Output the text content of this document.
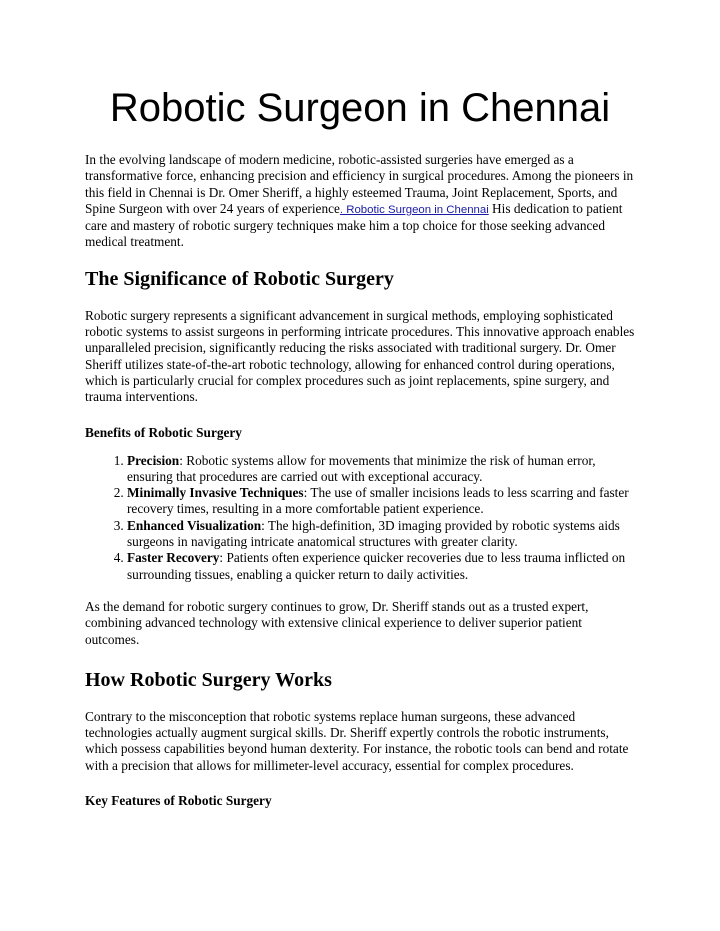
Robotic Surgeon in Chennai

In the evolving landscape of modern medicine, robotic-assisted surgeries have emerged as a transformative force, enhancing precision and efficiency in surgical procedures. Among the pioneers in this field in Chennai is Dr. Omer Sheriff, a highly esteemed Trauma, Joint Replacement, Sports, and Spine Surgeon with over 24 years of experience. Robotic Surgeon in Chennai His dedication to patient care and mastery of robotic surgery techniques make him a top choice for those seeking advanced medical treatment.

The Significance of Robotic Surgery

Robotic surgery represents a significant advancement in surgical methods, employing sophisticated robotic systems to assist surgeons in performing intricate procedures. This innovative approach enables unparalleled precision, significantly reducing the risks associated with traditional surgery. Dr. Omer Sheriff utilizes state-of-the-art robotic technology, allowing for enhanced control during operations, which is particularly crucial for complex procedures such as joint replacements, spine surgery, and trauma interventions.

Benefits of Robotic Surgery
1. Precision: Robotic systems allow for movements that minimize the risk of human error, ensuring that procedures are carried out with exceptional accuracy.
2. Minimally Invasive Techniques: The use of smaller incisions leads to less scarring and faster recovery times, resulting in a more comfortable patient experience.
3. Enhanced Visualization: The high-definition, 3D imaging provided by robotic systems aids surgeons in navigating intricate anatomical structures with greater clarity.
4. Faster Recovery: Patients often experience quicker recoveries due to less trauma inflicted on surrounding tissues, enabling a quicker return to daily activities.

As the demand for robotic surgery continues to grow, Dr. Sheriff stands out as a trusted expert, combining advanced technology with extensive clinical experience to deliver superior patient outcomes.

How Robotic Surgery Works

Contrary to the misconception that robotic systems replace human surgeons, these advanced technologies actually augment surgical skills. Dr. Sheriff expertly controls the robotic instruments, which possess capabilities beyond human dexterity. For instance, the robotic tools can bend and rotate with a precision that allows for millimeter-level accuracy, essential for complex procedures.

Key Features of Robotic Surgery
